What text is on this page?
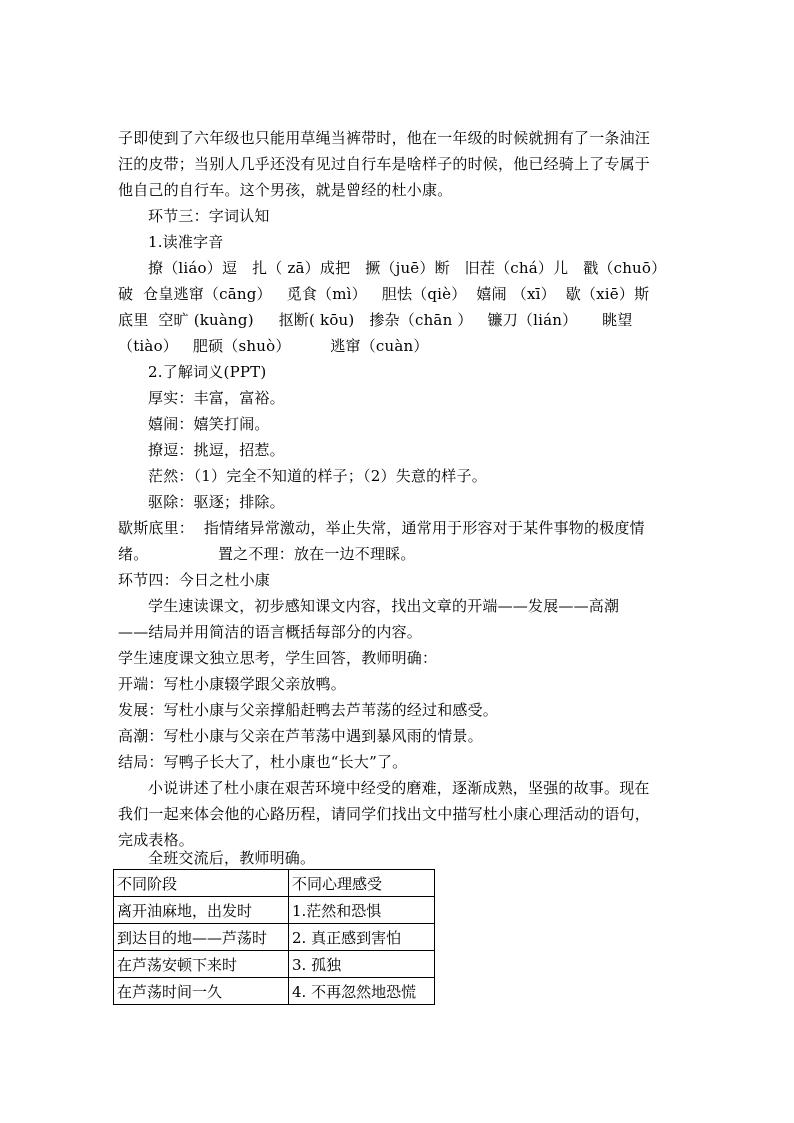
子即使到了六年级也只能用草绳当裤带时，他在一年级的时候就拥有了一条油汪
汪的皮带；当别人几乎还没有见过自行车是啥样子的时候，他已经骑上了专属于
他自己的自行车。这个男孩，就是曾经的杜小康。
环节三：字词认知
1.读准字音
撩（liáo）逗   扎（ zā）成把   撅（juē）断   旧茬（chá）儿   戳（chuō）
破  仓皇逃窜（cāng）   觅食（mì）   胆怯（qiè）  嬉闹 （xī）  歇（xiē）斯
底里  空旷 (kuàng)     抠断( kōu)   掺杂（chān ）   镰刀（lián）     眺望
（tiào）   肥硕（shuò）        逃窜（cuàn）
2.了解词义(PPT)
厚实：丰富，富裕。
嬉闹：嬉笑打闹。
撩逗：挑逗，招惹。
茫然：（1）完全不知道的样子；（2）失意的样子。
驱除：驱逐；排除。
歇斯底里：  指情绪异常激动，举止失常，通常用于形容对于某件事物的极度情
绪。              置之不理：放在一边不理睬。
环节四：今日之杜小康
学生速读课文，初步感知课文内容，找出文章的开端——发展——高潮
——结局并用简洁的语言概括每部分的内容。
学生速度课文独立思考，学生回答，教师明确：
开端：写杜小康辍学跟父亲放鸭。
发展：写杜小康与父亲撑船赶鸭去芦苇荡的经过和感受。
高潮：写杜小康与父亲在芦苇荡中遇到暴风雨的情景。
结局：写鸭子长大了，杜小康也“长大”了。
小说讲述了杜小康在艰苦环境中经受的磨难，逐渐成熟，坚强的故事。现在
我们一起来体会他的心路历程，请同学们找出文中描写杜小康心理活动的语句，
完成表格。
全班交流后，教师明确。
不同阶段	不同心理感受
离开油麻地，出发时	1.茫然和恐惧
到达目的地——芦荡时	2. 真正感到害怕
在芦荡安顿下来时	3. 孤独
在芦荡时间一久	4. 不再忽然地恐慌
